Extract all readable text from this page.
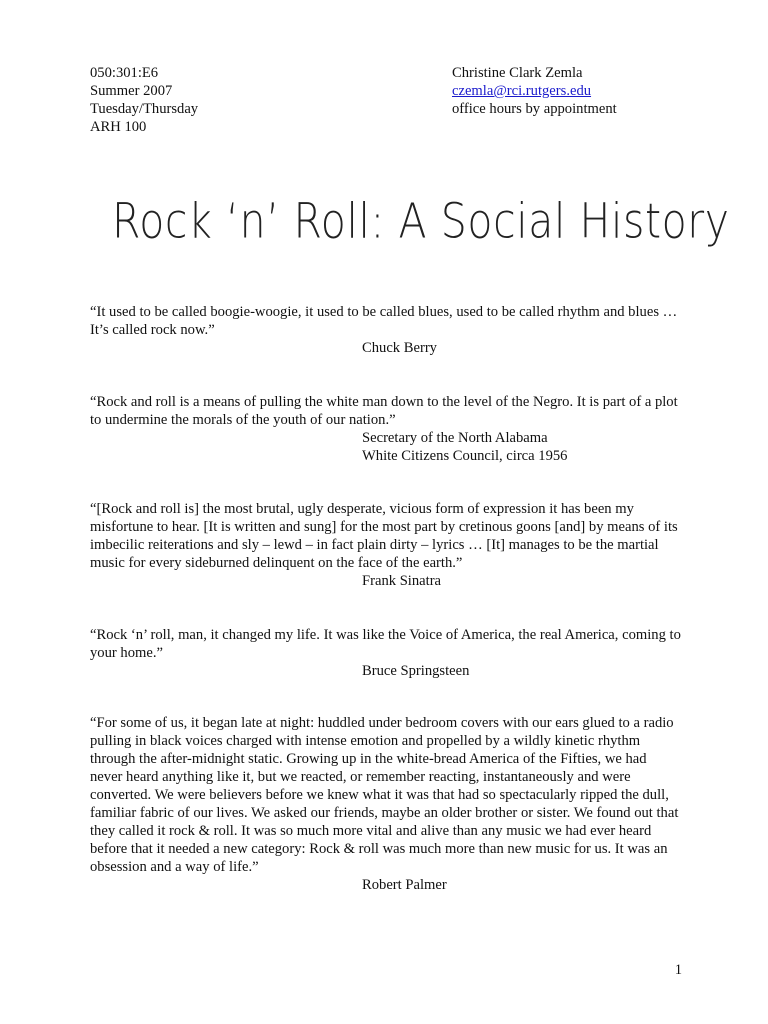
050:301:E6
Summer 2007
Tuesday/Thursday
ARH 100
Christine Clark Zemla
czemla@rci.rutgers.edu
office hours by appointment
Rock ‘n’ Roll: A Social History

“It used to be called boogie-woogie, it used to be called blues, used to be called rhythm and blues … It’s called rock now.”

Chuck Berry

“Rock and roll is a means of pulling the white man down to the level of the Negro. It is part of a plot to undermine the morals of the youth of our nation.”

Secretary of the North Alabama

White Citizens Council, circa 1956

“[Rock and roll is] the most brutal, ugly desperate, vicious form of expression it has been my misfortune to hear. [It is written and sung] for the most part by cretinous goons [and] by means of its imbecilic reiterations and sly – lewd – in fact plain dirty – lyrics … [It] manages to be the martial music for every sideburned delinquent on the face of the earth.”

Frank Sinatra

“Rock ‘n’ roll, man, it changed my life. It was like the Voice of America, the real America, coming to your home.”

Bruce Springsteen

“For some of us, it began late at night: huddled under bedroom covers with our ears glued to a radio pulling in black voices charged with intense emotion and propelled by a wildly kinetic rhythm through the after-midnight static. Growing up in the white-bread America of the Fifties, we had never heard anything like it, but we reacted, or remember reacting, instantaneously and were converted. We were believers before we knew what it was that had so spectacularly ripped the dull, familiar fabric of our lives. We asked our friends, maybe an older brother or sister. We found out that they called it rock & roll. It was so much more vital and alive than any music we had ever heard before that it needed a new category: Rock & roll was much more than new music for us. It was an obsession and a way of life.”

Robert Palmer

1
